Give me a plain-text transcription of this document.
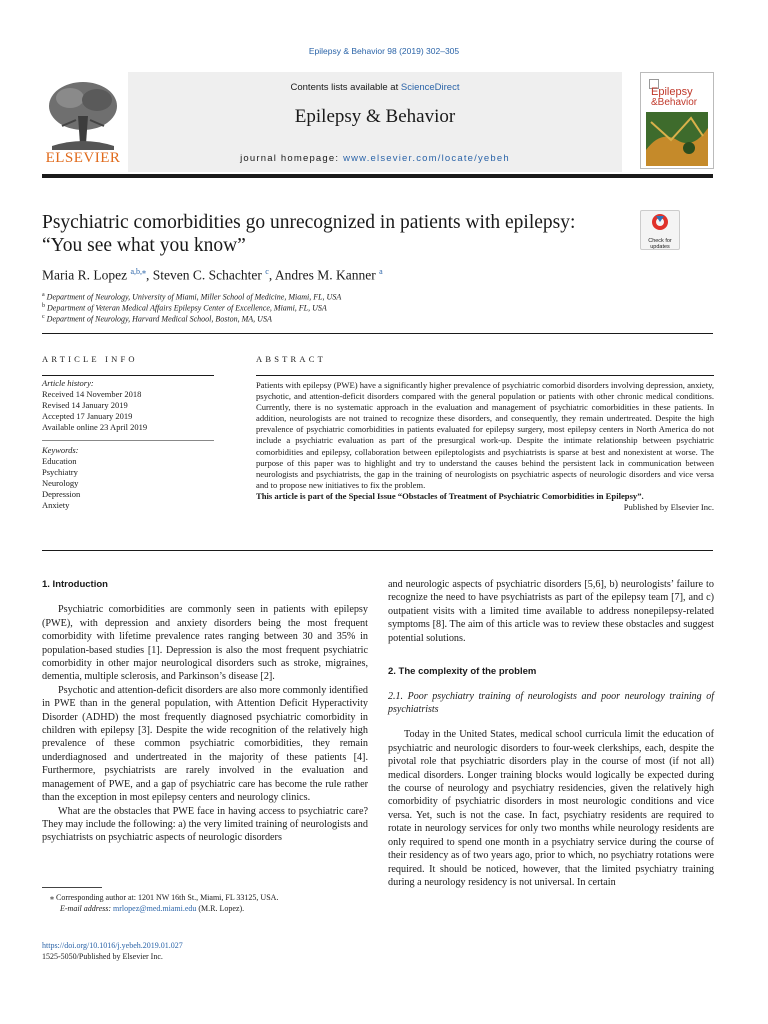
Epilepsy & Behavior 98 (2019) 302–305
ELSEVIER
Contents lists available at ScienceDirect
Epilepsy & Behavior
journal homepage: www.elsevier.com/locate/yebeh
Epilepsy
&Behavior
Psychiatric comorbidities go unrecognized in patients with epilepsy:
“You see what you know”	Check for
updates
Maria R. Lopez $^{a,b,⁎}$, Steven C. Schachter $^c$, Andres M. Kanner $^a$
$^a$ Department of Neurology, University of Miami, Miller School of Medicine, Miami, FL, USA
$^b$ Department of Veteran Medical Affairs Epilepsy Center of Excellence, Miami, FL, USA
$^c$ Department of Neurology, Harvard Medical School, Boston, MA, USA
ARTICLE INFO	ABSTRACT
Article history:
Received 14 November 2018
Revised 14 January 2019
Accepted 17 January 2019
Available online 23 April 2019
Keywords:
Education
Psychiatry
Neurology
Depression
Anxiety
Patients with epilepsy (PWE) have a significantly higher prevalence of psychiatric comorbid disorders involving depression, anxiety, psychotic, and attention-deficit disorders compared with the general population or patients with other chronic medical conditions. Currently, there is no systematic approach in the evaluation and management of psychiatric comorbidities in these patients. In addition, neurologists are not trained to recognize these disorders, and consequently, they remain undertreated. Despite the high prevalence of psychiatric comorbidities in patients evaluated for epilepsy surgery, most epilepsy centers in North America do not include a psychiatric evaluation as part of the presurgical work-up. Despite the intimate relationship between psychiatric comorbidities and epilepsy, collaboration between epileptologists and psychiatrists is sparse at best and nonexistent at worse. The purpose of this paper was to highlight and try to understand the causes behind the persistent lack in communication between neurologists and psychiatrists, the gap in the training of neurologists on psychiatric aspects of neurologic disorders and vice versa and to propose new initiatives to fix the problem.
This article is part of the Special Issue “Obstacles of Treatment of Psychiatric Comorbidities in Epilepsy”.
Published by Elsevier Inc.
1. Introduction

Psychiatric comorbidities are commonly seen in patients with epilepsy (PWE), with depression and anxiety disorders being the most frequent comorbidity with lifetime prevalence rates ranging between 30 and 35% in population-based studies [1]. Depression is also the most frequent psychiatric comorbidity in other major neurological disorders such as stroke, migraines, dementia, multiple sclerosis, and Parkinson’s disease [2].

Psychotic and attention-deficit disorders are also more commonly identified in PWE than in the general population, with Attention Deficit Hyperactivity Disorder (ADHD) the most frequently diagnosed psychiatric comorbidity in children with epilepsy [3]. Despite the wide recognition of the relatively high prevalence of these common psychiatric comorbidities, they remain underdiagnosed and undertreated in the majority of these patients [4]. Furthermore, psychiatrists are rarely involved in the evaluation and management of PWE, and a gap of psychiatric care has become the rule rather than the exception in most epilepsy centers and neurology clinics.

What are the obstacles that PWE face in having access to psychiatric care? They may include the following: a) the very limited training of neurologists and psychiatrists on psychiatric aspects of neurologic disorders

⁎ Corresponding author at: 1201 NW 16th St., Miami, FL 33125, USA.
E-mail address: mrlopez@med.miami.edu (M.R. Lopez).

and neurologic aspects of psychiatric disorders [5,6], b) neurologists’ failure to recognize the need to have psychiatrists as part of the epilepsy team [7], and c) outpatient visits with a limited time available to address nonepilepsy-related symptoms [8]. The aim of this article was to review these obstacles and suggest potential solutions.

2. The complexity of the problem
2.1. Poor psychiatry training of neurologists and poor neurology training of psychiatrists

Today in the United States, medical school curricula limit the education of psychiatric and neurologic disorders to four-week clerkships, each, despite the pivotal role that psychiatric disorders play in the course of most (if not all) medical disorders. Longer training blocks would logically be expected during the course of neurology and psychiatry residencies, given the relatively high comorbidity of psychiatric disorders in most neurologic conditions and vice versa. Yet, such is not the case. In fact, psychiatry residents are required to rotate in neurology services for only two months while neurology residents are only required to spend one month in a psychiatry service during the course of their residency as of two years ago, prior to which, no psychiatry rotations were required. It should be noticed, however, that the limited psychiatry training during a neurology residency is not universal. In certain

https://doi.org/10.1016/j.yebeh.2019.01.027
1525-5050/Published by Elsevier Inc.
